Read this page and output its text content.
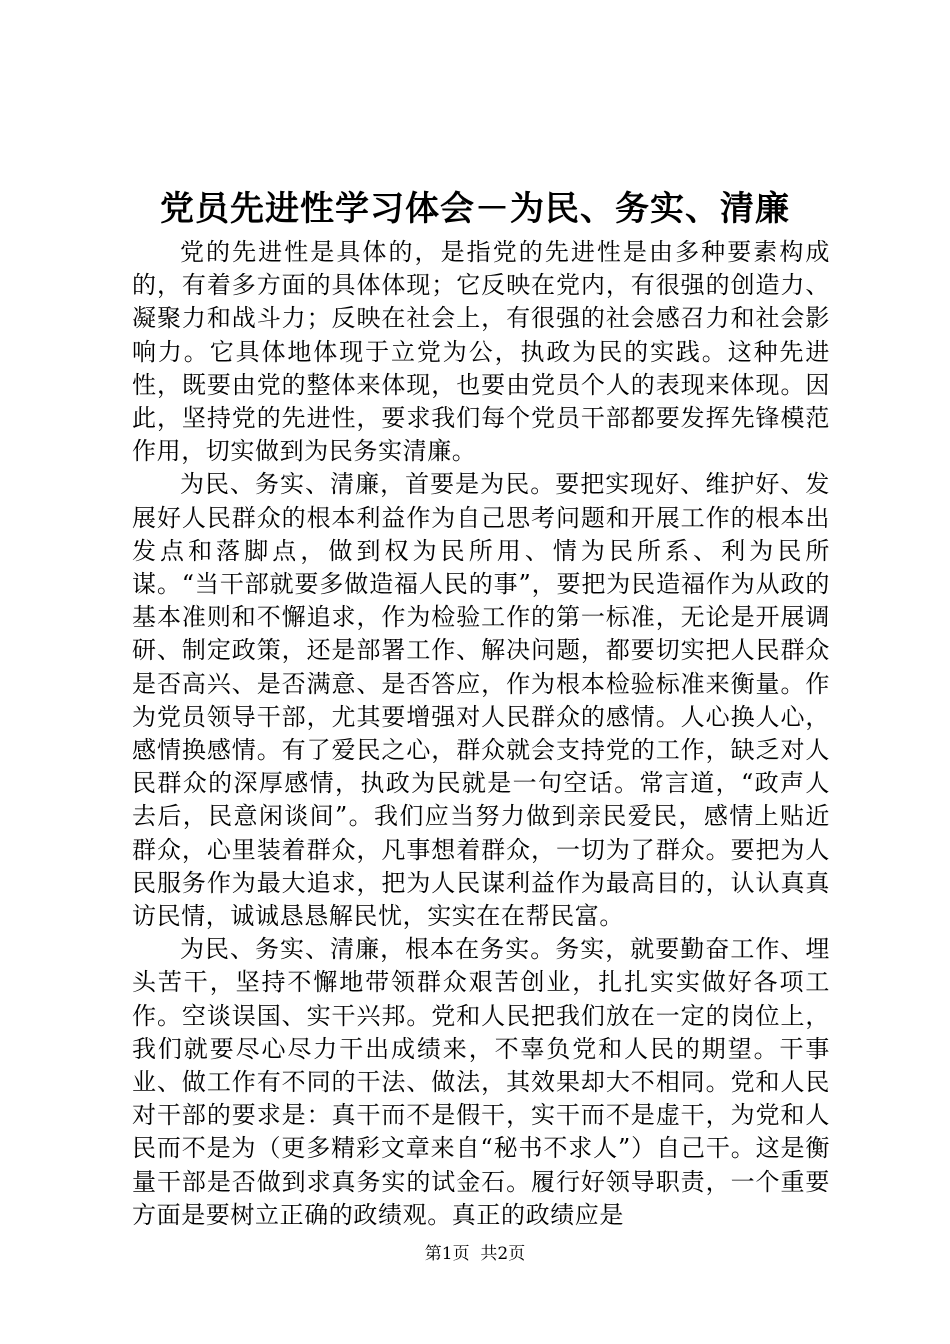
党员先进性学习体会－为民、务实、清廉

党的先进性是具体的，是指党的先进性是由多种要素构成的，有着多方面的具体体现；它反映在党内，有很强的创造力、凝聚力和战斗力；反映在社会上，有很强的社会感召力和社会影响力。它具体地体现于立党为公，执政为民的实践。这种先进性，既要由党的整体来体现，也要由党员个人的表现来体现。因此，坚持党的先进性，要求我们每个党员干部都要发挥先锋模范作用，切实做到为民务实清廉。

为民、务实、清廉，首要是为民。要把实现好、维护好、发展好人民群众的根本利益作为自己思考问题和开展工作的根本出发点和落脚点，做到权为民所用、情为民所系、利为民所谋。“当干部就要多做造福人民的事”，要把为民造福作为从政的基本准则和不懈追求，作为检验工作的第一标准，无论是开展调研、制定政策，还是部署工作、解决问题，都要切实把人民群众是否高兴、是否满意、是否答应，作为根本检验标准来衡量。作为党员领导干部，尤其要增强对人民群众的感情。人心换人心，感情换感情。有了爱民之心，群众就会支持党的工作，缺乏对人民群众的深厚感情，执政为民就是一句空话。常言道，“政声人去后，民意闲谈间”。我们应当努力做到亲民爱民，感情上贴近群众，心里装着群众，凡事想着群众，一切为了群众。要把为人民服务作为最大追求，把为人民谋利益作为最高目的，认认真真访民情，诚诚恳恳解民忧，实实在在帮民富。

为民、务实、清廉，根本在务实。务实，就要勤奋工作、埋头苦干，坚持不懈地带领群众艰苦创业，扎扎实实做好各项工作。空谈误国、实干兴邦。党和人民把我们放在一定的岗位上，我们就要尽心尽力干出成绩来，不辜负党和人民的期望。干事业、做工作有不同的干法、做法，其效果却大不相同。党和人民对干部的要求是：真干而不是假干，实干而不是虚干，为党和人民而不是为（更多精彩文章来自“秘书不求人”）自己干。这是衡量干部是否做到求真务实的试金石。履行好领导职责，一个重要方面是要树立正确的政绩观。真正的政绩应是

第1页 共2页
